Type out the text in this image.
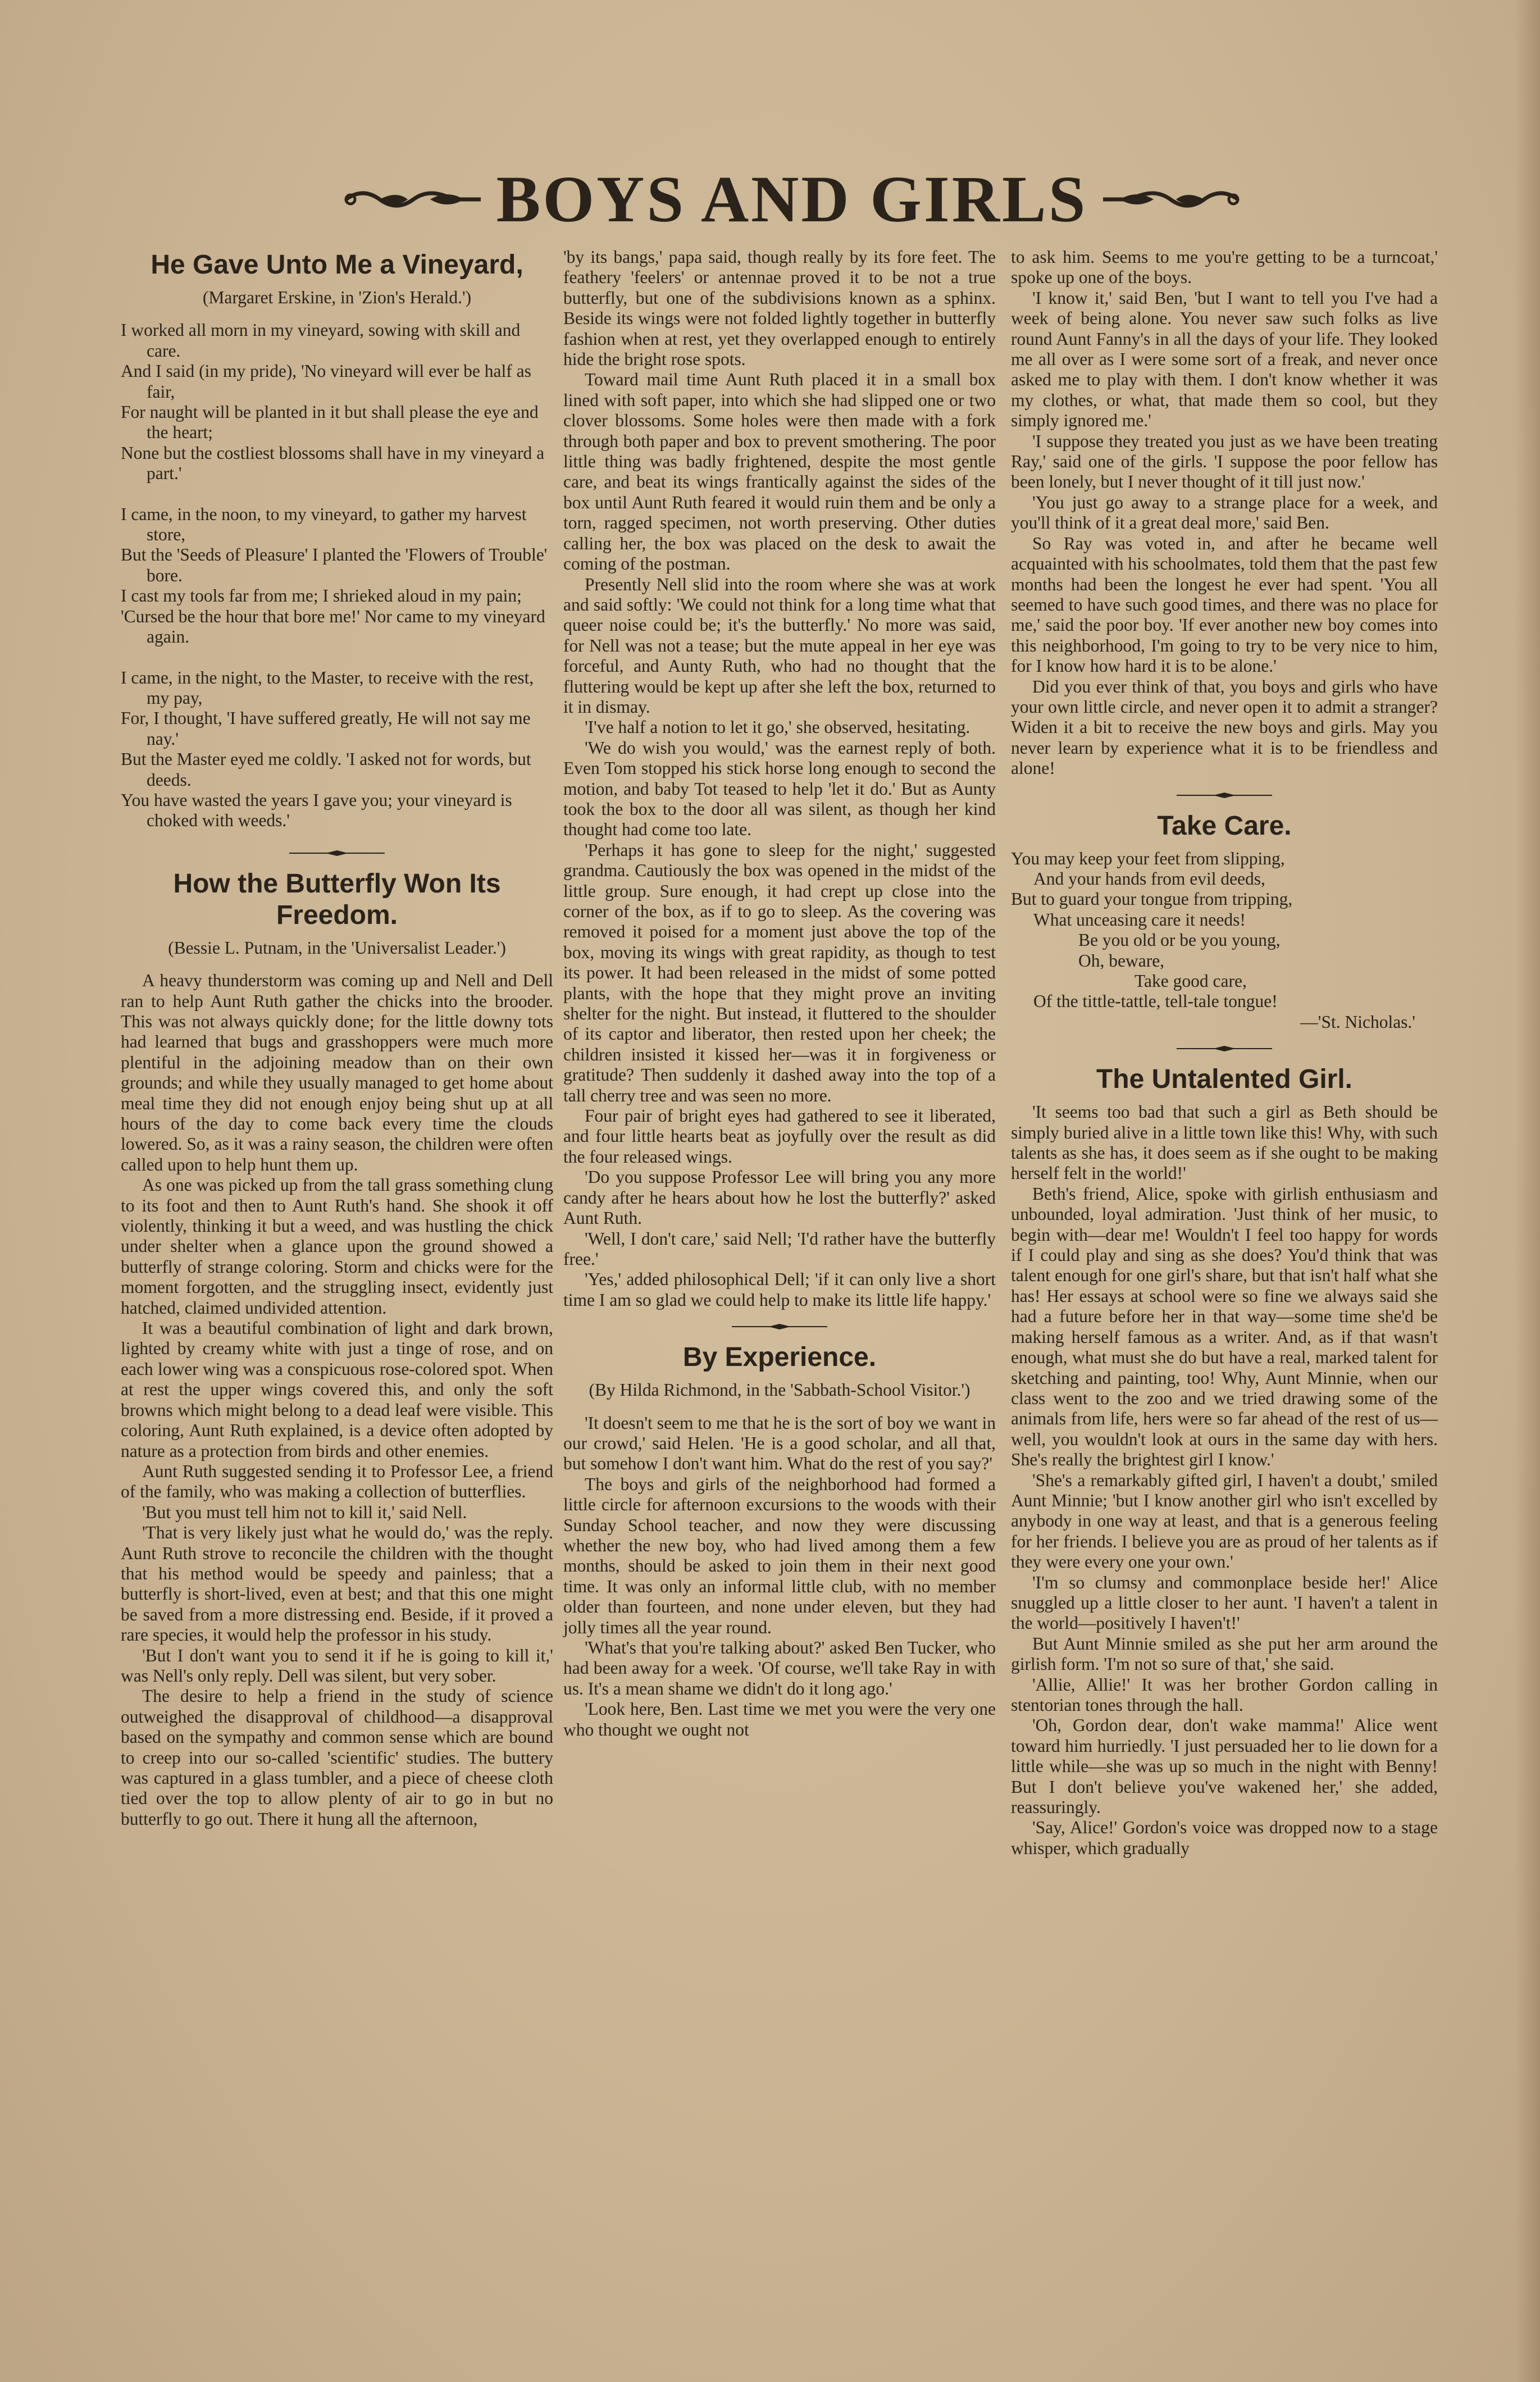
BOYS AND GIRLS
He Gave Unto Me a Vineyard,
(Margaret Erskine, in 'Zion's Herald.')
I worked all morn in my vineyard, sowing with skill and care.
And I said (in my pride), 'No vineyard will ever be half as fair,
For naught will be planted in it but shall please the eye and the heart;
None but the costliest blossoms shall have in my vineyard a part.'
I came, in the noon, to my vineyard, to gather my harvest store,
But the 'Seeds of Pleasure' I planted the 'Flowers of Trouble' bore.
I cast my tools far from me; I shrieked aloud in my pain;
'Cursed be the hour that bore me!' Nor came to my vineyard again.
I came, in the night, to the Master, to receive with the rest, my pay,
For, I thought, 'I have suffered greatly, He will not say me nay.'
But the Master eyed me coldly. 'I asked not for words, but deeds.
You have wasted the years I gave you; your vineyard is choked with weeds.'
How the Butterfly Won Its Freedom.
(Bessie L. Putnam, in the 'Universalist Leader.')

A heavy thunderstorm was coming up and Nell and Dell ran to help Aunt Ruth gather the chicks into the brooder. This was not always quickly done; for the little downy tots had learned that bugs and grasshoppers were much more plentiful in the adjoining meadow than on their own grounds; and while they usually managed to get home about meal time they did not enough enjoy being shut up at all hours of the day to come back every time the clouds lowered. So, as it was a rainy season, the children were often called upon to help hunt them up.

As one was picked up from the tall grass something clung to its foot and then to Aunt Ruth's hand. She shook it off violently, thinking it but a weed, and was hustling the chick under shelter when a glance upon the ground showed a butterfly of strange coloring. Storm and chicks were for the moment forgotten, and the struggling insect, evidently just hatched, claimed undivided attention.

It was a beautiful combination of light and dark brown, lighted by creamy white with just a tinge of rose, and on each lower wing was a conspicuous rose-colored spot. When at rest the upper wings covered this, and only the soft browns which might belong to a dead leaf were visible. This coloring, Aunt Ruth explained, is a device often adopted by nature as a protection from birds and other enemies.

Aunt Ruth suggested sending it to Professor Lee, a friend of the family, who was making a collection of butterflies.

'But you must tell him not to kill it,' said Nell.

'That is very likely just what he would do,' was the reply. Aunt Ruth strove to reconcile the children with the thought that his method would be speedy and painless; that a butterfly is short-lived, even at best; and that this one might be saved from a more distressing end. Beside, if it proved a rare species, it would help the professor in his study.

'But I don't want you to send it if he is going to kill it,' was Nell's only reply. Dell was silent, but very sober.

The desire to help a friend in the study of science outweighed the disapproval of childhood—a disapproval based on the sympathy and common sense which are bound to creep into our so-called 'scientific' studies. The buttery was captured in a glass tumbler, and a piece of cheese cloth tied over the top to allow plenty of air to go in but no butterfly to go out. There it hung all the afternoon,

'by its bangs,' papa said, though really by its fore feet. The feathery 'feelers' or antennae proved it to be not a true butterfly, but one of the subdivisions known as a sphinx. Beside its wings were not folded lightly together in butterfly fashion when at rest, yet they overlapped enough to entirely hide the bright rose spots.

Toward mail time Aunt Ruth placed it in a small box lined with soft paper, into which she had slipped one or two clover blossoms. Some holes were then made with a fork through both paper and box to prevent smothering. The poor little thing was badly frightened, despite the most gentle care, and beat its wings frantically against the sides of the box until Aunt Ruth feared it would ruin them and be only a torn, ragged specimen, not worth preserving. Other duties calling her, the box was placed on the desk to await the coming of the postman.

Presently Nell slid into the room where she was at work and said softly: 'We could not think for a long time what that queer noise could be; it's the butterfly.' No more was said, for Nell was not a tease; but the mute appeal in her eye was forceful, and Aunty Ruth, who had no thought that the fluttering would be kept up after she left the box, returned to it in dismay.

'I've half a notion to let it go,' she observed, hesitating.

'We do wish you would,' was the earnest reply of both. Even Tom stopped his stick horse long enough to second the motion, and baby Tot teased to help 'let it do.' But as Aunty took the box to the door all was silent, as though her kind thought had come too late.

'Perhaps it has gone to sleep for the night,' suggested grandma. Cautiously the box was opened in the midst of the little group. Sure enough, it had crept up close into the corner of the box, as if to go to sleep. As the covering was removed it poised for a moment just above the top of the box, moving its wings with great rapidity, as though to test its power. It had been released in the midst of some potted plants, with the hope that they might prove an inviting shelter for the night. But instead, it fluttered to the shoulder of its captor and liberator, then rested upon her cheek; the children insisted it kissed her—was it in forgiveness or gratitude? Then suddenly it dashed away into the top of a tall cherry tree and was seen no more.

Four pair of bright eyes had gathered to see it liberated, and four little hearts beat as joyfully over the result as did the four released wings.

'Do you suppose Professor Lee will bring you any more candy after he hears about how he lost the butterfly?' asked Aunt Ruth.

'Well, I don't care,' said Nell; 'I'd rather have the butterfly free.'

'Yes,' added philosophical Dell; 'if it can only live a short time I am so glad we could help to make its little life happy.'

By Experience.
(By Hilda Richmond, in the 'Sabbath-School Visitor.')

'It doesn't seem to me that he is the sort of boy we want in our crowd,' said Helen. 'He is a good scholar, and all that, but somehow I don't want him. What do the rest of you say?'

The boys and girls of the neighborhood had formed a little circle for afternoon excursions to the woods with their Sunday School teacher, and now they were discussing whether the new boy, who had lived among them a few months, should be asked to join them in their next good time. It was only an informal little club, with no member older than fourteen, and none under eleven, but they had jolly times all the year round.

'What's that you're talking about?' asked Ben Tucker, who had been away for a week. 'Of course, we'll take Ray in with us. It's a mean shame we didn't do it long ago.'

'Look here, Ben. Last time we met you were the very one who thought we ought not

to ask him. Seems to me you're getting to be a turncoat,' spoke up one of the boys.

'I know it,' said Ben, 'but I want to tell you I've had a week of being alone. You never saw such folks as live round Aunt Fanny's in all the days of your life. They looked me all over as I were some sort of a freak, and never once asked me to play with them. I don't know whether it was my clothes, or what, that made them so cool, but they simply ignored me.'

'I suppose they treated you just as we have been treating Ray,' said one of the girls. 'I suppose the poor fellow has been lonely, but I never thought of it till just now.'

'You just go away to a strange place for a week, and you'll think of it a great deal more,' said Ben.

So Ray was voted in, and after he became well acquainted with his schoolmates, told them that the past few months had been the longest he ever had spent. 'You all seemed to have such good times, and there was no place for me,' said the poor boy. 'If ever another new boy comes into this neighborhood, I'm going to try to be very nice to him, for I know how hard it is to be alone.'

Did you ever think of that, you boys and girls who have your own little circle, and never open it to admit a stranger? Widen it a bit to receive the new boys and girls. May you never learn by experience what it is to be friendless and alone!

Take Care.
You may keep your feet from slipping,
And your hands from evil deeds,
But to guard your tongue from tripping,
What unceasing care it needs!
Be you old or be you young,
Oh, beware,
Take good care,
Of the tittle-tattle, tell-tale tongue!
—'St. Nicholas.'
The Untalented Girl.

'It seems too bad that such a girl as Beth should be simply buried alive in a little town like this! Why, with such talents as she has, it does seem as if she ought to be making herself felt in the world!'

Beth's friend, Alice, spoke with girlish enthusiasm and unbounded, loyal admiration. 'Just think of her music, to begin with—dear me! Wouldn't I feel too happy for words if I could play and sing as she does? You'd think that was talent enough for one girl's share, but that isn't half what she has! Her essays at school were so fine we always said she had a future before her in that way—some time she'd be making herself famous as a writer. And, as if that wasn't enough, what must she do but have a real, marked talent for sketching and painting, too! Why, Aunt Minnie, when our class went to the zoo and we tried drawing some of the animals from life, hers were so far ahead of the rest of us—well, you wouldn't look at ours in the same day with hers. She's really the brightest girl I know.'

'She's a remarkably gifted girl, I haven't a doubt,' smiled Aunt Minnie; 'but I know another girl who isn't excelled by anybody in one way at least, and that is a generous feeling for her friends. I believe you are as proud of her talents as if they were every one your own.'

'I'm so clumsy and commonplace beside her!' Alice snuggled up a little closer to her aunt. 'I haven't a talent in the world—positively I haven't!'

But Aunt Minnie smiled as she put her arm around the girlish form. 'I'm not so sure of that,' she said.

'Allie, Allie!' It was her brother Gordon calling in stentorian tones through the hall.

'Oh, Gordon dear, don't wake mamma!' Alice went toward him hurriedly. 'I just persuaded her to lie down for a little while—she was up so much in the night with Benny! But I don't believe you've wakened her,' she added, reassuringly.

'Say, Alice!' Gordon's voice was dropped now to a stage whisper, which gradually
